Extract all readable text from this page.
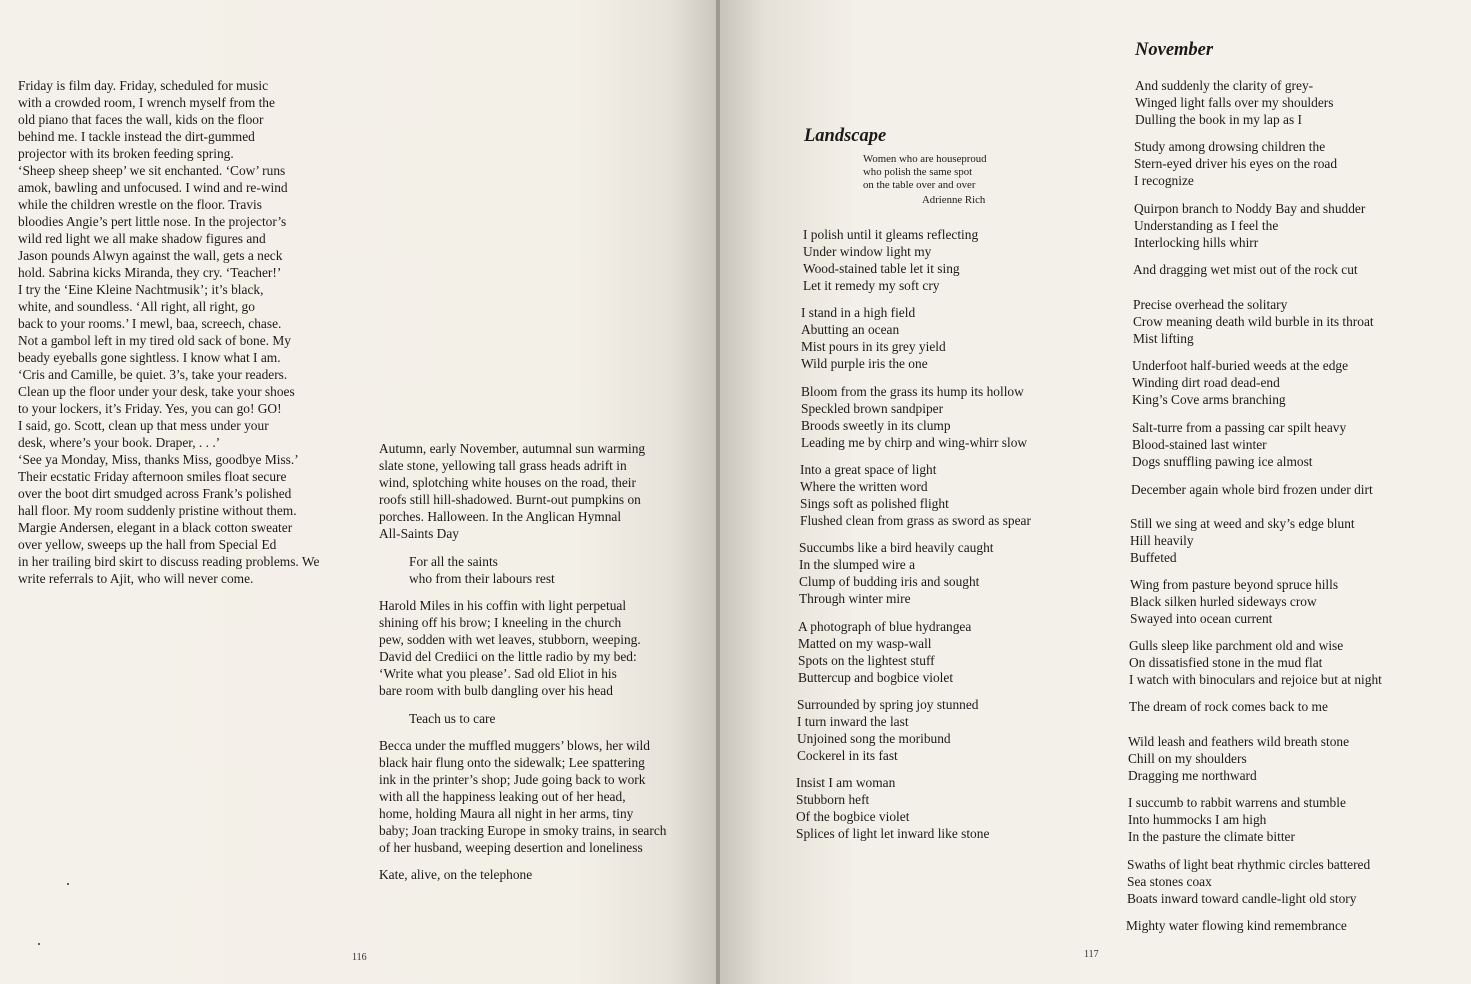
Friday is film day. Friday, scheduled for music
with a crowded room, I wrench myself from the
old piano that faces the wall, kids on the floor
behind me. I tackle instead the dirt-gummed
projector with its broken feeding spring.
‘Sheep sheep sheep’ we sit enchanted. ‘Cow’ runs
amok, bawling and unfocused. I wind and re-wind
while the children wrestle on the floor. Travis
bloodies Angie’s pert little nose. In the projector’s
wild red light we all make shadow figures and
Jason pounds Alwyn against the wall, gets a neck
hold. Sabrina kicks Miranda, they cry. ‘Teacher!’
I try the ‘Eine Kleine Nachtmusik’; it’s black,
white, and soundless. ‘All right, all right, go
back to your rooms.’ I mewl, baa, screech, chase.
Not a gambol left in my tired old sack of bone. My
beady eyeballs gone sightless. I know what I am.
‘Cris and Camille, be quiet. 3’s, take your readers.
Clean up the floor under your desk, take your shoes
to your lockers, it’s Friday. Yes, you can go! GO!
I said, go. Scott, clean up that mess under your
desk, where’s your book. Draper, . . .’
‘See ya Monday, Miss, thanks Miss, goodbye Miss.’
Their ecstatic Friday afternoon smiles float secure
over the boot dirt smudged across Frank’s polished
hall floor. My room suddenly pristine without them.
Margie Andersen, elegant in a black cotton sweater
over yellow, sweeps up the hall from Special Ed
in her trailing bird skirt to discuss reading problems. We
write referrals to Ajit, who will never come.

Autumn, early November, autumnal sun warming
slate stone, yellowing tall grass heads adrift in
wind, splotching white houses on the road, their
roofs still hill-shadowed. Burnt-out pumpkins on
porches. Halloween. In the Anglican Hymnal
All-Saints Day

For all the saints
who from their labours rest

Harold Miles in his coffin with light perpetual
shining off his brow; I kneeling in the church
pew, sodden with wet leaves, stubborn, weeping.
David del Crediici on the little radio by my bed:
‘Write what you please’. Sad old Eliot in his
bare room with bulb dangling over his head

Teach us to care

Becca under the muffled muggers’ blows, her wild
black hair flung onto the sidewalk; Lee spattering
ink in the printer’s shop; Jude going back to work
with all the happiness leaking out of her head,
home, holding Maura all night in her arms, tiny
baby; Joan tracking Europe in smoky trains, in search
of her husband, weeping desertion and loneliness

Kate, alive, on the telephone

116
Landscape

Women who are houseproud
who polish the same spot
on the table over and over

Adrienne Rich

I polish until it gleams reflecting
Under window light my
Wood-stained table let it sing
Let it remedy my soft cry

I stand in a high field
Abutting an ocean
Mist pours in its grey yield
Wild purple iris the one

Bloom from the grass its hump its hollow
Speckled brown sandpiper
Broods sweetly in its clump
Leading me by chirp and wing-whirr slow

Into a great space of light
Where the written word
Sings soft as polished flight
Flushed clean from grass as sword as spear

Succumbs like a bird heavily caught
In the slumped wire a
Clump of budding iris and sought
Through winter mire

A photograph of blue hydrangea
Matted on my wasp-wall
Spots on the lightest stuff
Buttercup and bogbice violet

Surrounded by spring joy stunned
I turn inward the last
Unjoined song the moribund
Cockerel in its fast

Insist I am woman
Stubborn heft
Of the bogbice violet
Splices of light let inward like stone

November

And suddenly the clarity of grey-
Winged light falls over my shoulders
Dulling the book in my lap as I

Study among drowsing children the
Stern-eyed driver his eyes on the road
I recognize

Quirpon branch to Noddy Bay and shudder
Understanding as I feel the
Interlocking hills whirr

And dragging wet mist out of the rock cut

Precise overhead the solitary
Crow meaning death wild burble in its throat
Mist lifting

Underfoot half-buried weeds at the edge
Winding dirt road dead-end
King’s Cove arms branching

Salt-turre from a passing car spilt heavy
Blood-stained last winter
Dogs snuffling pawing ice almost

December again whole bird frozen under dirt

Still we sing at weed and sky’s edge blunt
Hill heavily
Buffeted

Wing from pasture beyond spruce hills
Black silken hurled sideways crow
Swayed into ocean current

Gulls sleep like parchment old and wise
On dissatisfied stone in the mud flat
I watch with binoculars and rejoice but at night

The dream of rock comes back to me

Wild leash and feathers wild breath stone
Chill on my shoulders
Dragging me northward

I succumb to rabbit warrens and stumble
Into hummocks I am high
In the pasture the climate bitter

Swaths of light beat rhythmic circles battered
Sea stones coax
Boats inward toward candle-light old story

Mighty water flowing kind remembrance

117
